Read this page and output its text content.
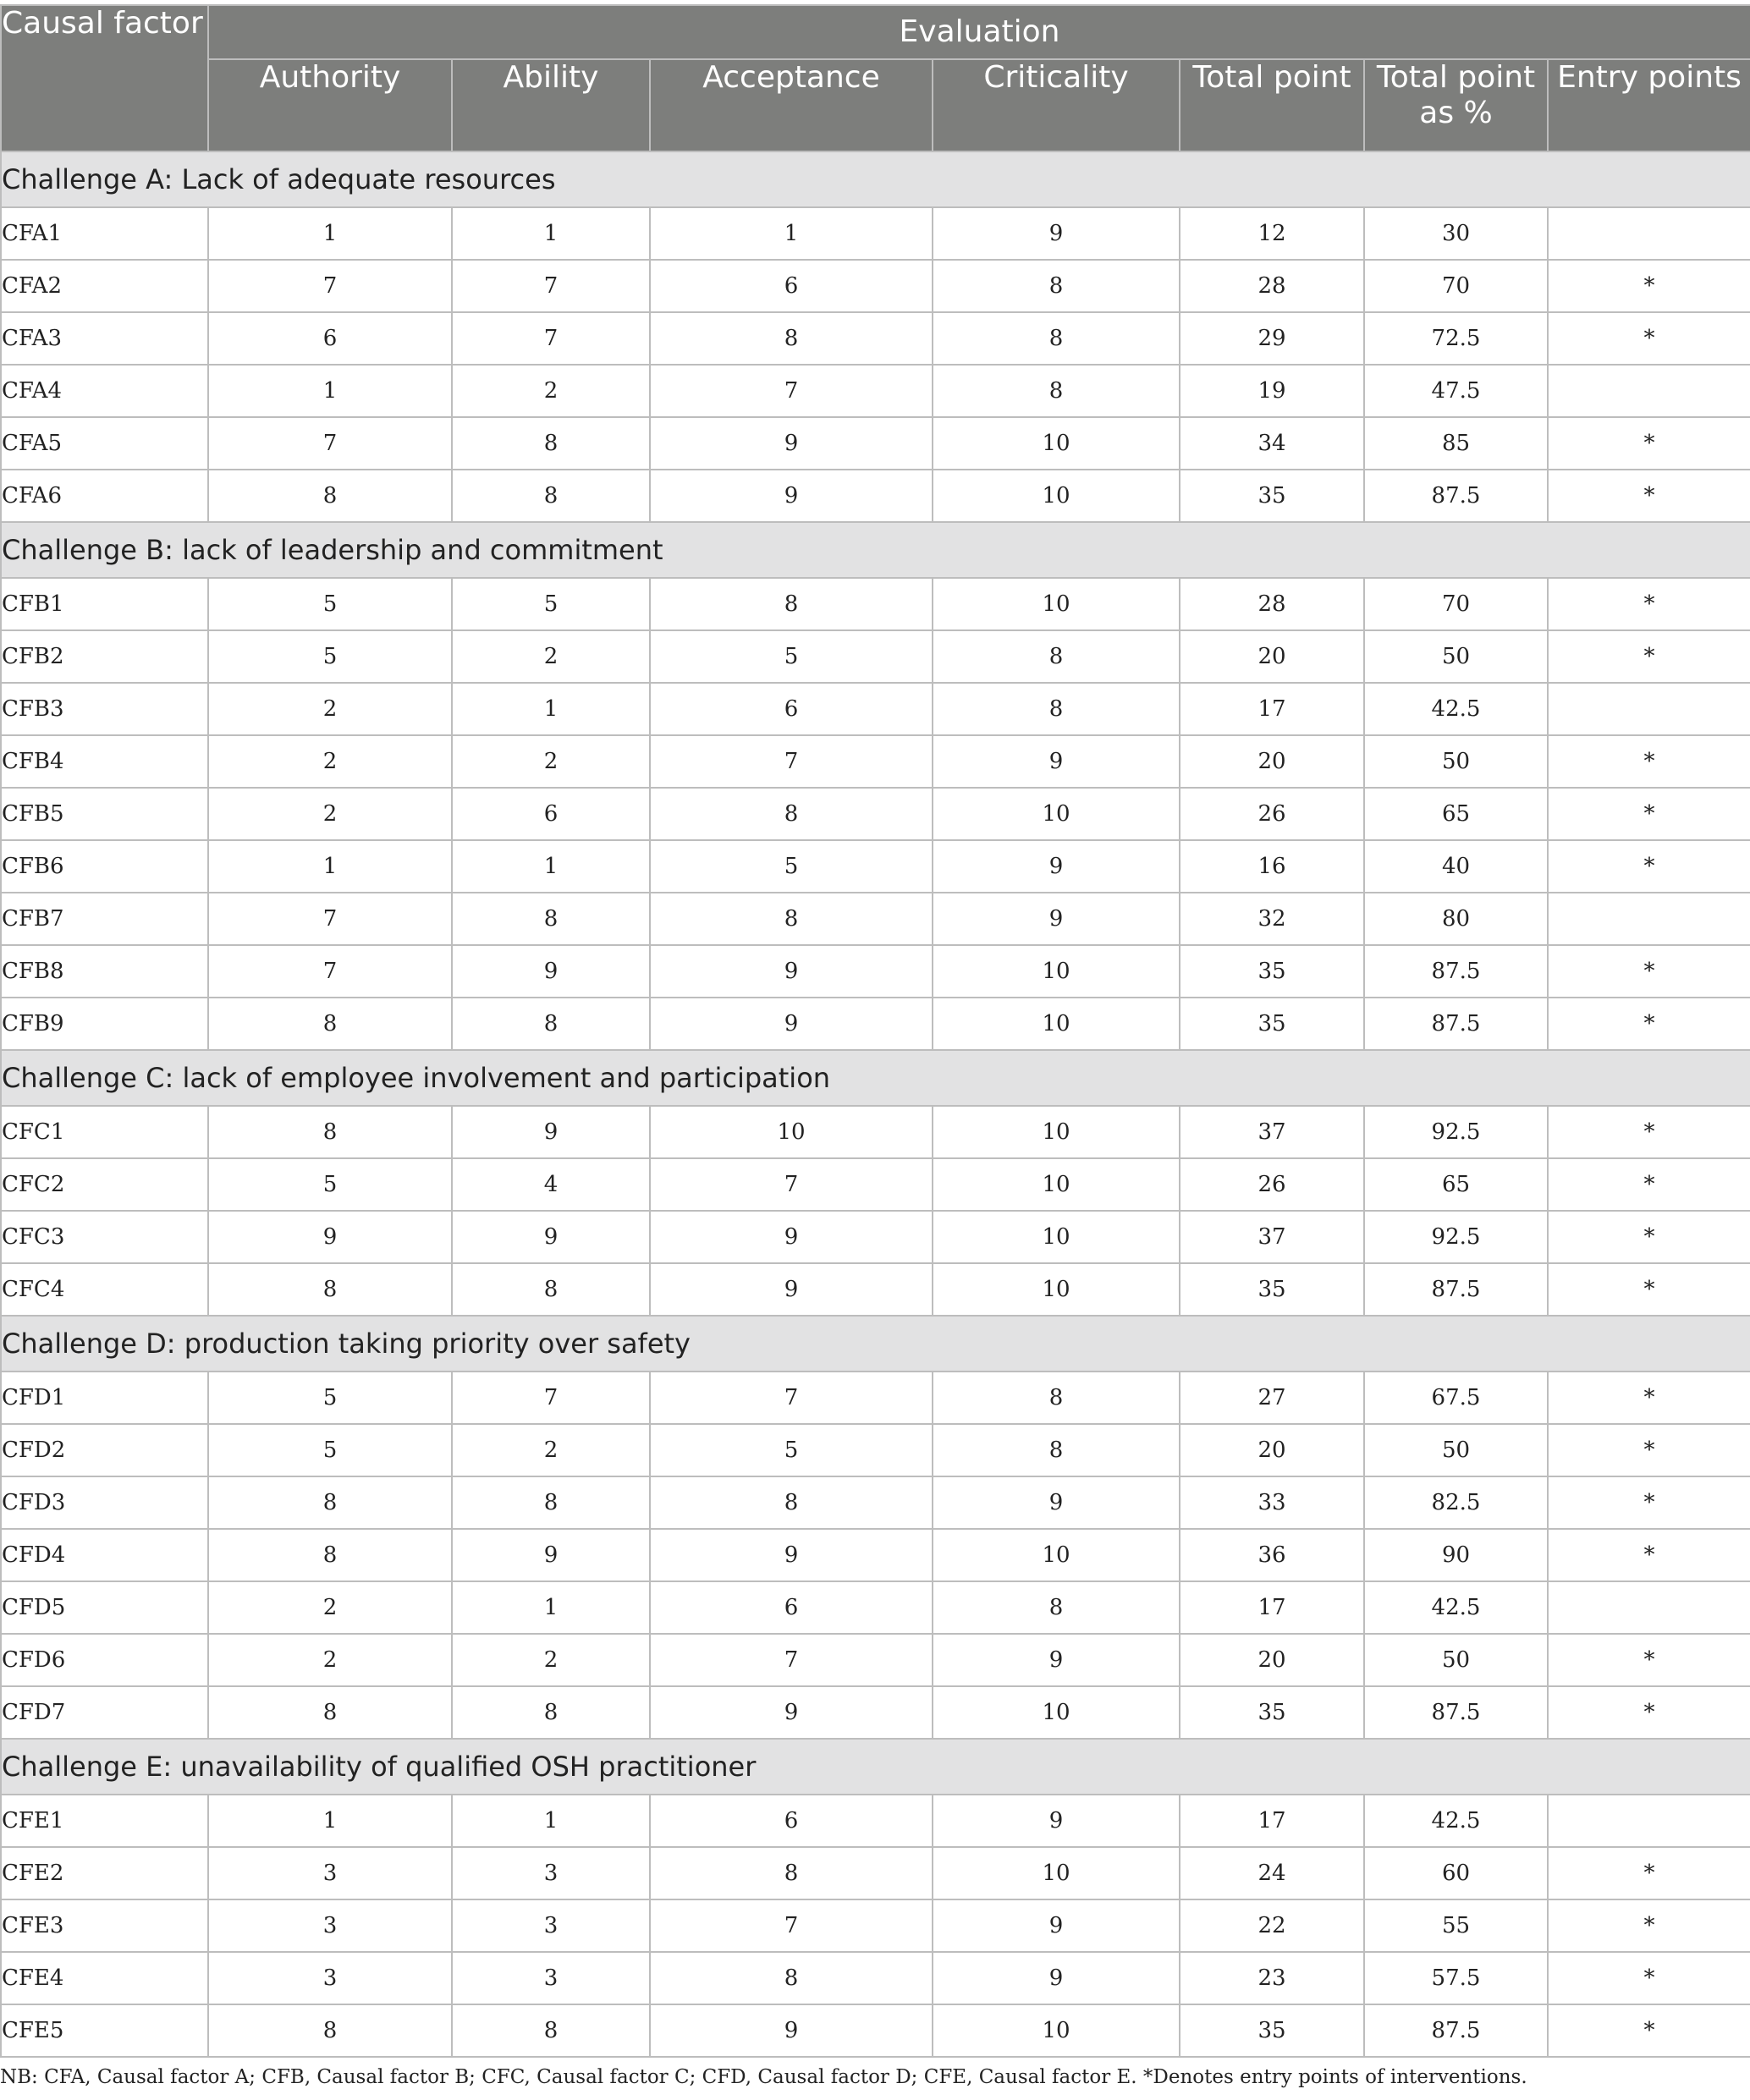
Causal factor	Evaluation						
	Authority	Ability	Acceptance	Criticality	Total point	Total point as %	Entry points
Challenge A: Lack of adequate resources							
CFA1	1	1	1	9	12	30	
CFA2	7	7	6	8	28	70	*
CFA3	6	7	8	8	29	72.5	*
CFA4	1	2	7	8	19	47.5	
CFA5	7	8	9	10	34	85	*
CFA6	8	8	9	10	35	87.5	*
Challenge B: lack of leadership and commitment							
CFB1	5	5	8	10	28	70	*
CFB2	5	2	5	8	20	50	*
CFB3	2	1	6	8	17	42.5	
CFB4	2	2	7	9	20	50	*
CFB5	2	6	8	10	26	65	*
CFB6	1	1	5	9	16	40	*
CFB7	7	8	8	9	32	80	
CFB8	7	9	9	10	35	87.5	*
CFB9	8	8	9	10	35	87.5	*
Challenge C: lack of employee involvement and participation							
CFC1	8	9	10	10	37	92.5	*
CFC2	5	4	7	10	26	65	*
CFC3	9	9	9	10	37	92.5	*
CFC4	8	8	9	10	35	87.5	*
Challenge D: production taking priority over safety							
CFD1	5	7	7	8	27	67.5	*
CFD2	5	2	5	8	20	50	*
CFD3	8	8	8	9	33	82.5	*
CFD4	8	9	9	10	36	90	*
CFD5	2	1	6	8	17	42.5	
CFD6	2	2	7	9	20	50	*
CFD7	8	8	9	10	35	87.5	*
Challenge E: unavailability of qualified OSH practitioner							
CFE1	1	1	6	9	17	42.5	
CFE2	3	3	8	10	24	60	*
CFE3	3	3	7	9	22	55	*
CFE4	3	3	8	9	23	57.5	*
CFE5	8	8	9	10	35	87.5	*
NB: CFA, Causal factor A; CFB, Causal factor B; CFC, Causal factor C; CFD, Causal factor D; CFE, Causal factor E. *Denotes entry points of interventions.
